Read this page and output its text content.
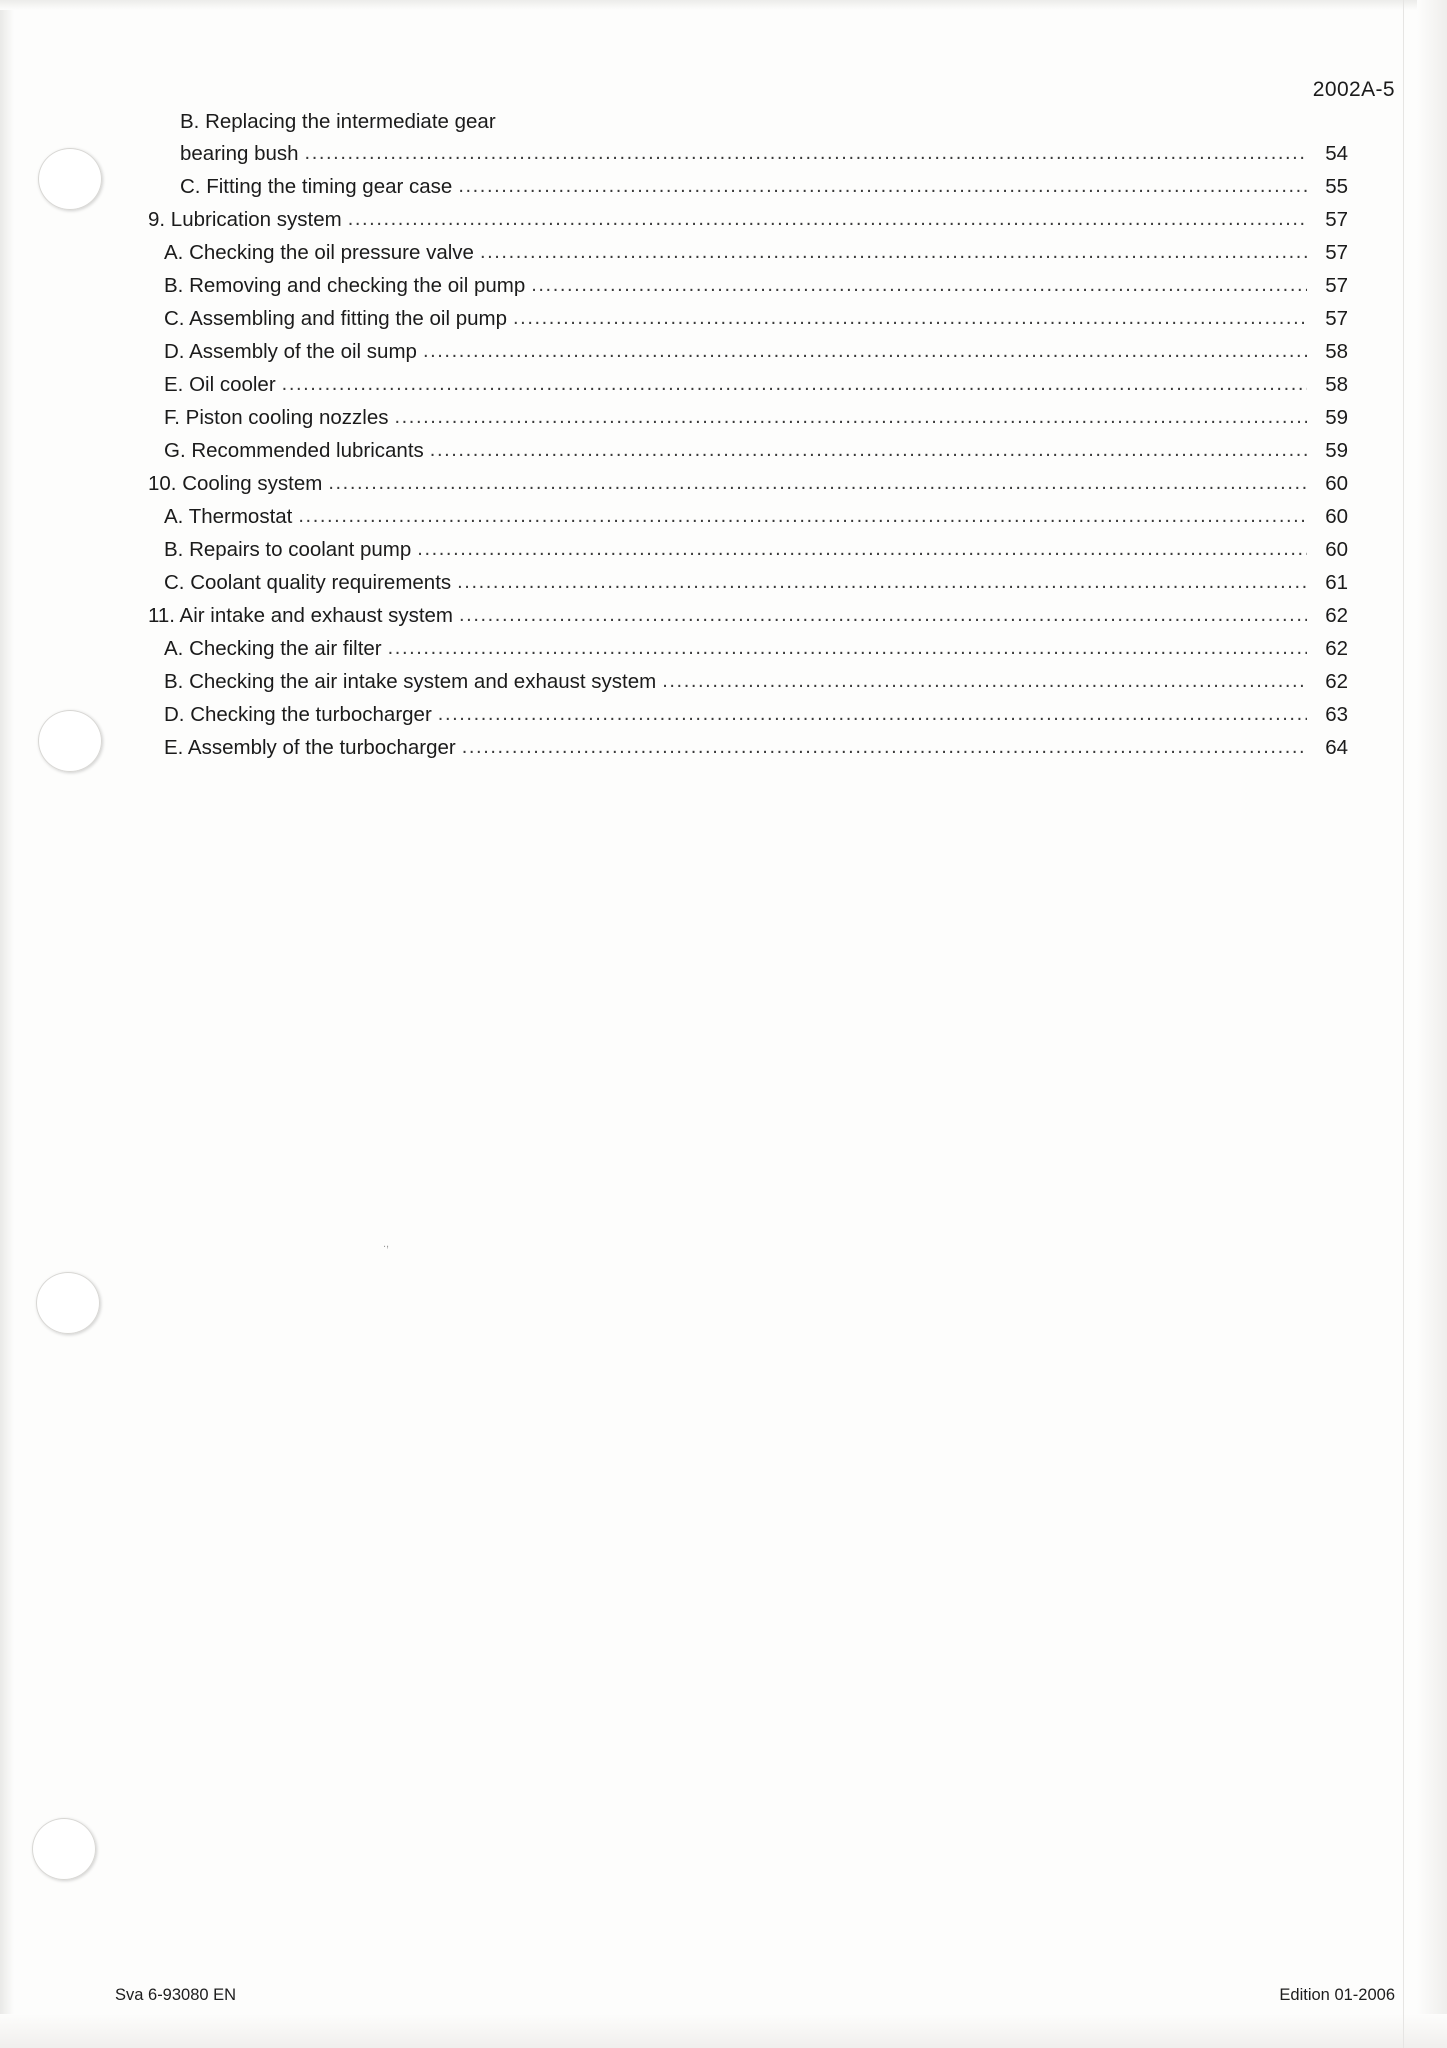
2002A-5
.,
B. Replacing the intermediate gear
bearing bush .....	54
C. Fitting the timing gear case .....	55
9. Lubrication system .....	57
A. Checking the oil pressure valve .....	57
B. Removing and checking the oil pump .....	57
C. Assembling and fitting the oil pump .....	57
D. Assembly of the oil sump .....	58
E. Oil cooler .....	58
F. Piston cooling nozzles .....	59
G. Recommended lubricants .....	59
10. Cooling system .....	60
A. Thermostat .....	60
B. Repairs to coolant pump .....	60
C. Coolant quality requirements .....	61
11. Air intake and exhaust system .....	62
A. Checking the air filter .....	62
B. Checking the air intake system and exhaust system .....	62
D. Checking the turbocharger .....	63
E. Assembly of the turbocharger .....	64
Sva 6-93080 EN	Edition 01-2006
